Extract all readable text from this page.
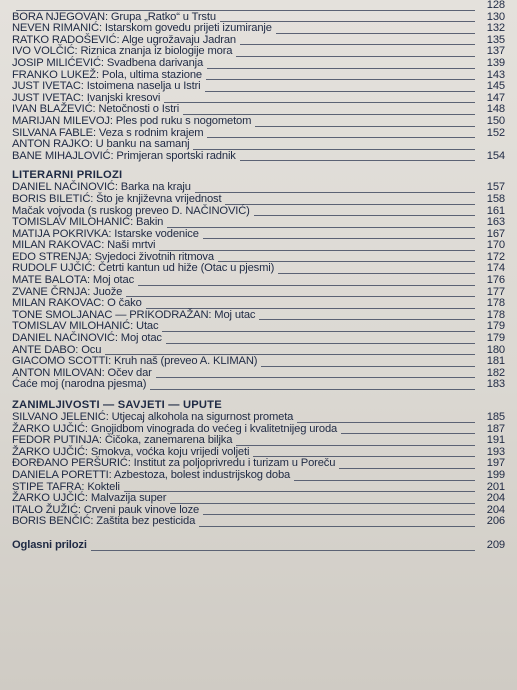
128
BORA NJEGOVAN: Grupa „Ratko“ u Trstu	130
NEVEN RIMANIĆ: Istarskom govedu prijeti izumiranje	132
RATKO RADOŠEVIĆ: Alge ugrožavaju Jadran	135
IVO VOLČIĆ: Riznica znanja iz biologije mora	137
JOSIP MILIĆEVIĆ: Svadbena darivanja	139
FRANKO LUKEŽ: Pola, ultima stazione	143
JUST IVETAC: Istoimena naselja u Istri	145
JUST IVETAC: Ivanjski kresovi	147
IVAN BLAŽEVIĆ: Netočnosti o Istri	148
MARIJAN MILEVOJ: Ples pod ruku s nogometom	150
SILVANA FABLE: Veza s rodnim krajem	152
ANTON RAJKO: U banku na samanj
BANE MIHAJLOVIĆ: Primjeran sportski radnik	154
LITERARNI PRILOZI
DANIEL NAČINOVIĆ: Barka na kraju	157
BORIS BILETIĆ: Što je književna vrijednost	158
Mačak vojvoda (s ruskog preveo D. NAČINOVIĆ)	161
TOMISLAV MILOHANIĆ: Bakin	163
MATIJA POKRIVKA: Istarske vodenice	167
MILAN RAKOVAC: Naši mrtvi	170
EDO STRENJA: Svjedoci životnih ritmova	172
RUDOLF UJČIĆ: Četrti kantun ud hiže (Otac u pjesmi)	174
MATE BALOTA: Moj otac	176
ZVANE ČRNJA: Juože	177
MILAN RAKOVAC: O čako	178
TONE SMOLJANAC — PRIKODRAŽAN: Moj utac	178
TOMISLAV MILOHANIĆ: Utac	179
DANIEL NAČINOVIĆ: Moj otac	179
ANTE DABO: Ocu	180
GIACOMO SCOTTI: Kruh naš (preveo A. KLIMAN)	181
ANTON MILOVAN: Očev dar	182
Ćaće moj (narodna pjesma)	183
ZANIMLJIVOSTI — SAVJETI — UPUTE
SILVANO JELENIĆ: Utjecaj alkohola na sigurnost prometa	185
ŽARKO UJČIĆ: Gnojidbom vinograda do većeg i kvalitetnijeg uroda	187
FEDOR PUTINJA: Čičoka, zanemarena biljka	191
ŽARKO UJČIĆ: Smokva, voćka koju vrijedi voljeti	193
ĐORĐANO PERŠURIĆ: Institut za poljoprivredu i turizam u Poreču	197
DANIELA PORETTI: Azbestoza, bolest industrijskog doba	199
STIPE TAFRA: Kokteli	201
ŽARKO UJČIĆ: Malvazija super	204
ITALO ŽUŽIĆ: Crveni pauk vinove loze	204
BORIS BENČIĆ: Zaštita bez pesticida	206
Oglasni prilozi	209
